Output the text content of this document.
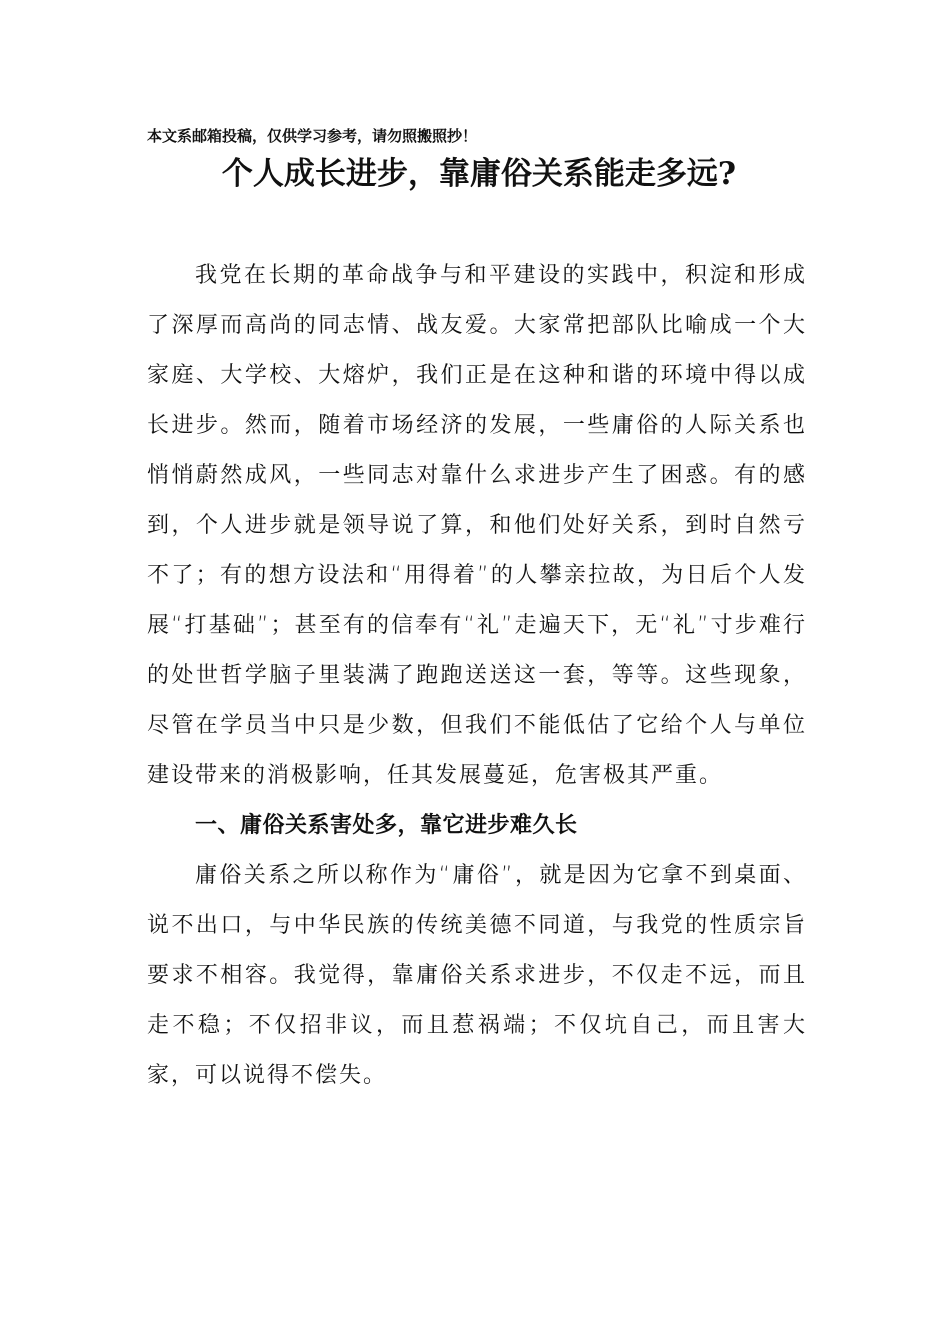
本文系邮箱投稿，仅供学习参考，请勿照搬照抄！
个人成长进步，靠庸俗关系能走多远?

我党在长期的革命战争与和平建设的实践中，积淀和形成了深厚而高尚的同志情、战友爱。大家常把部队比喻成一个大家庭、大学校、大熔炉，我们正是在这种和谐的环境中得以成长进步。然而，随着市场经济的发展，一些庸俗的人际关系也悄悄蔚然成风，一些同志对靠什么求进步产生了困惑。有的感到，个人进步就是领导说了算，和他们处好关系，到时自然亏不了；有的想方设法和“用得着”的人攀亲拉故，为日后个人发展“打基础”；甚至有的信奉有“礼”走遍天下，无“礼”寸步难行的处世哲学脑子里装满了跑跑送送这一套，等等。这些现象，尽管在学员当中只是少数，但我们不能低估了它给个人与单位建设带来的消极影响，任其发展蔓延，危害极其严重。

一、庸俗关系害处多，靠它进步难久长

庸俗关系之所以称作为“庸俗”，就是因为它拿不到桌面、说不出口，与中华民族的传统美德不同道，与我党的性质宗旨要求不相容。我觉得，靠庸俗关系求进步，不仅走不远，而且走不稳；不仅招非议，而且惹祸端；不仅坑自己，而且害大家，可以说得不偿失。
